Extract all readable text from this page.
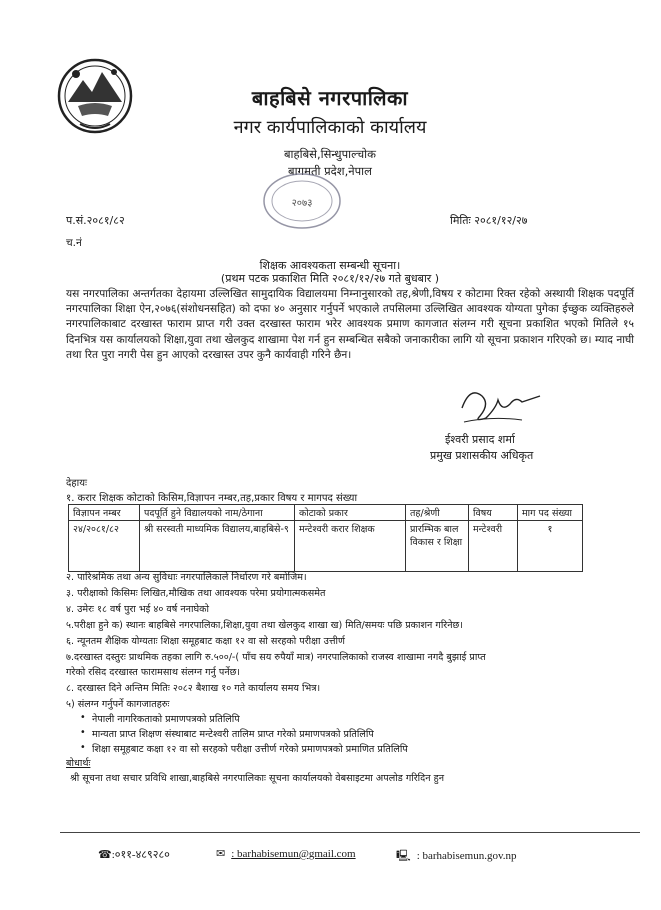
बाहबिसे नगरपालिका
नगर कार्यपालिकाको कार्यालय
बाहबिसे,सिन्धुपाल्चोक
बागमती प्रदेश,नेपाल
२०७३
प.सं.२०८१/८२	मितिः २०८१/१२/२७
च.नं
शिक्षक आवश्यकता सम्बन्धी सूचना।
(प्रथम पटक प्रकाशित मिति २०८१/१२/२७ गते बुधबार )
यस नगरपालिका अन्तर्गतका देहायमा उल्लिखित सामुदायिक विद्यालयमा निम्नानुसारको तह,श्रेणी,विषय र कोटामा रिक्त रहेको अस्थायी शिक्षक पदपूर्ति नगरपालिका शिक्षा ऐन,२०७६(संशोधनसहित) को दफा ४० अनुसार गर्नुपर्ने भएकाले तपसिलमा उल्लिखित आवश्यक योग्यता पुगेका ईच्छुक व्यक्तिहरुले नगरपालिकाबाट दरखास्त फाराम प्राप्त गरी उक्त दरखास्त फाराम भरेर आवश्यक प्रमाण कागजात संलग्न गरी सूचना प्रकाशित भएको मितिले १५ दिनभित्र यस कार्यालयको शिक्षा,युवा तथा खेलकुद शाखामा पेश गर्न हुन सम्बन्धित सबैको जनाकारीका लागि यो सूचना प्रकाशन गरिएको छ। म्याद नाघी तथा रित पुरा नगरी पेस हुन आएको दरखास्त उपर कुनै कार्यवाही गरिने छैन।
ईश्वरी प्रसाद शर्मा
प्रमुख प्रशासकीय अधिकृत
देहायः
१. करार शिक्षक कोटाको किसिम,विज्ञापन नम्बर,तह,प्रकार विषय र मागपद संख्या
विज्ञापन नम्बर	पदपूर्ति हुने विद्यालयको नाम/ठेगाना	कोटाको प्रकार	तह/श्रेणी	विषय	माग पद संख्या
२४/२०८१/८२	श्री सरस्वती माध्यमिक विद्यालय,बाहबिसे-९	मन्टेश्वरी करार शिक्षक	प्रारम्भिक बाल विकास र शिक्षा	मन्टेश्वरी	१
२. पारिश्रमिक तथा अन्य सुविधाः नगरपालिकाले निर्धारण गरे बमोजिम।
३. परीक्षाको किसिमः लिखित,मौखिक तथा आवश्यक परेमा प्रयोगात्मकसमेत
४. उमेरः १८ वर्ष पुरा भई ४० वर्ष ननाघेको
५.परीक्षा हुने क) स्थानः बाहबिसे नगरपालिका,शिक्षा,युवा तथा खेलकुद शाखा ख) मिति/समयः पछि प्रकाशन गरिनेछ।
६. न्यूनतम शैक्षिक योग्यताः शिक्षा समूहबाट कक्षा १२ वा सो सरहको परीक्षा उत्तीर्ण
७.दरखास्त दस्तुरः प्राथमिक तहका लागि रु.५००/-( पाँच सय रुपैयाँ मात्र) नगरपालिकाको राजस्व शाखामा नगदै बुझाई प्राप्त
गरेको रसिद दरखास्त फारामसाथ संलग्न गर्नु पर्नेछ।
८. दरखास्त दिने अन्तिम मितिः २०८२ बैशाख १० गते कार्यालय समय भित्र।
५) संलग्न गर्नुपर्ने कागजातहरुः
• नेपाली नागरिकताको प्रमाणपत्रको प्रतिलिपि
• मान्यता प्राप्त शिक्षण संस्थाबाट मन्टेश्वरी तालिम प्राप्त गरेको प्रमाणपत्रको प्रतिलिपि
• शिक्षा समूहबाट कक्षा १२ वा सो सरहको परीक्षा उत्तीर्ण गरेको प्रमाणपत्रको प्रमाणित प्रतिलिपि
बोधार्थः
श्री सूचना तथा सचार प्रविधि शाखा,बाहबिसे नगरपालिकाः सूचना कार्यालयको वेबसाइटमा अपलोड गरिदिन हुन
☎:०११-४८९२८०	✉ : barhabisemun@gmail.com	🖳 : barhabisemun.gov.np
